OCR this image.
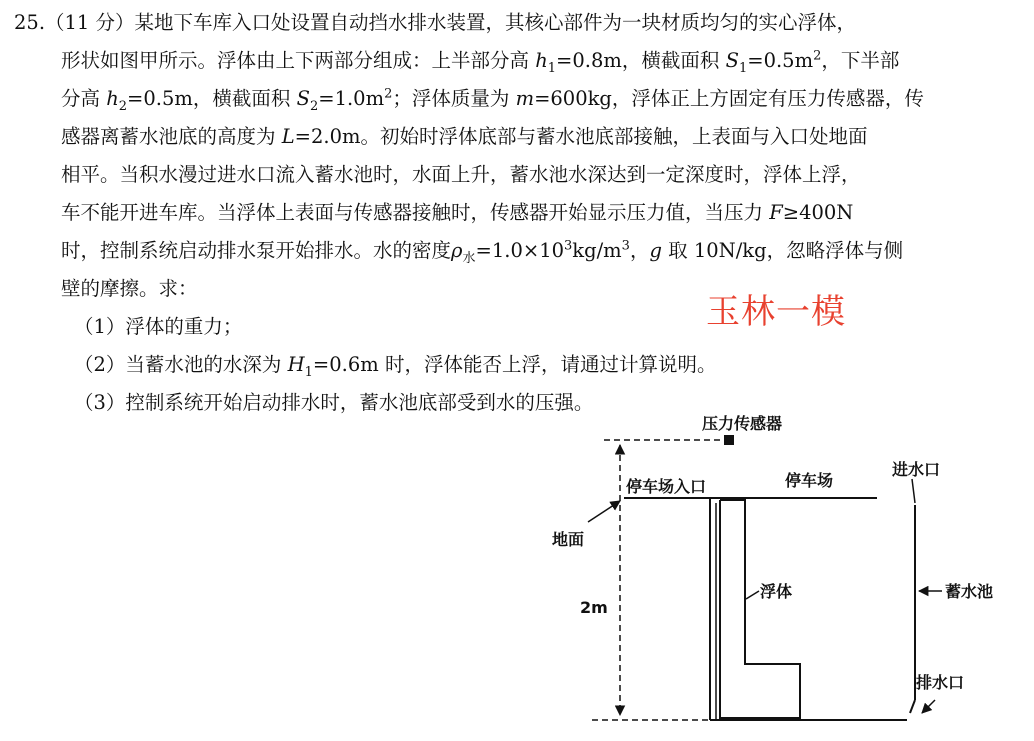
25.（11 分）某地下车库入口处设置自动挡水排水装置，其核心部件为一块材质均匀的实心浮体，
形状如图甲所示。浮体由上下两部分组成：上半部分高 $h_1=0.8m$，横截面积 $S_1=0.5m^2$，下半部
分高 $h_2=0.5m$，横截面积 $S_2=1.0m^2$；浮体质量为 m=600kg，浮体正上方固定有压力传感器，传
感器离蓄水池底的高度为 L=2.0m。初始时浮体底部与蓄水池底部接触，上表面与入口处地面
相平。当积水漫过进水口流入蓄水池时，水面上升，蓄水池水深达到一定深度时，浮体上浮，
车不能开进车库。当浮体上表面与传感器接触时，传感器开始显示压力值，当压力 F≥400N
时，控制系统启动排水泵开始排水。水的密度$\rho_水=1.0\times 10^3kg/m^3$，g 取 10N/kg，忽略浮体与侧
壁的摩擦。求：
（1）浮体的重力；
（2）当蓄水池的水深为 $H_1=0.6m$ 时，浮体能否上浮，请通过计算说明。
（3）控制系统开始启动排水时，蓄水池底部受到水的压强。
玉林一模
压力传感器
2m
停车场入口	停车场
地面
浮体
进水口
蓄水池
排水口
